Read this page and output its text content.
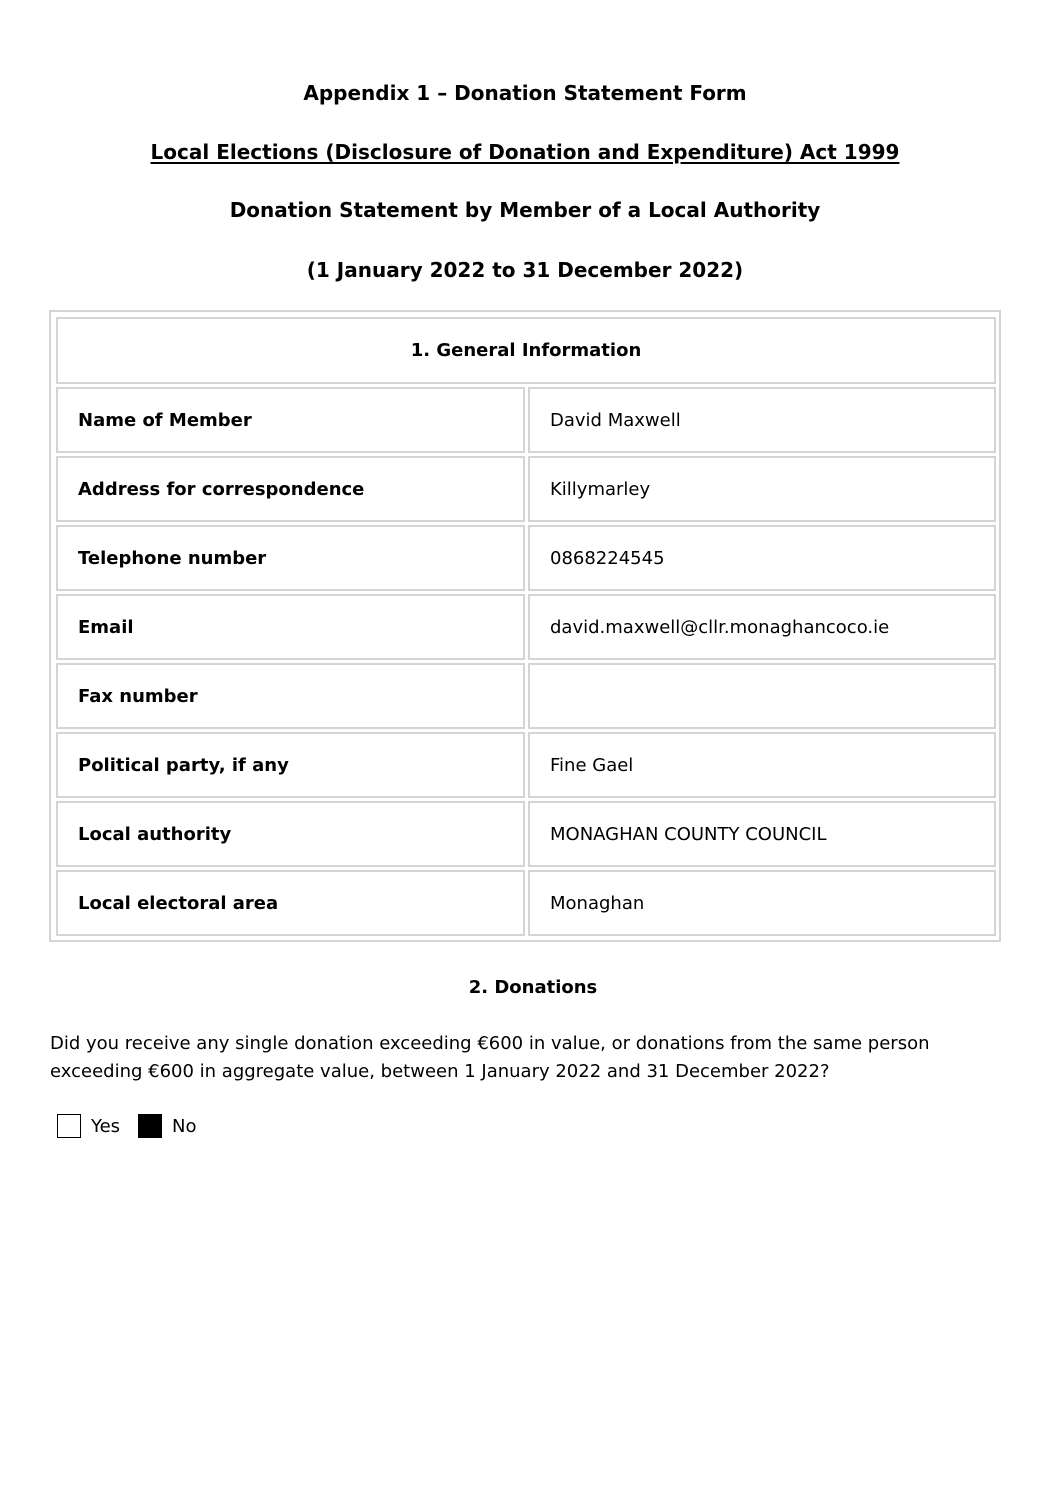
Appendix 1 – Donation Statement Form
Local Elections (Disclosure of Donation and Expenditure) Act 1999
Donation Statement by Member of a Local Authority
(1 January 2022 to 31 December 2022)
1. General Information
Name of Member	David Maxwell
Address for correspondence	Killymarley
Telephone number	0868224545
Email	david.maxwell@cllr.monaghancoco.ie
Fax number
Political party, if any	Fine Gael
Local authority	MONAGHAN COUNTY COUNCIL
Local electoral area	Monaghan
2. Donations
Did you receive any single donation exceeding €600 in value, or donations from the same person exceeding €600 in aggregate value, between 1 January 2022 and 31 December 2022?
Yes	No
